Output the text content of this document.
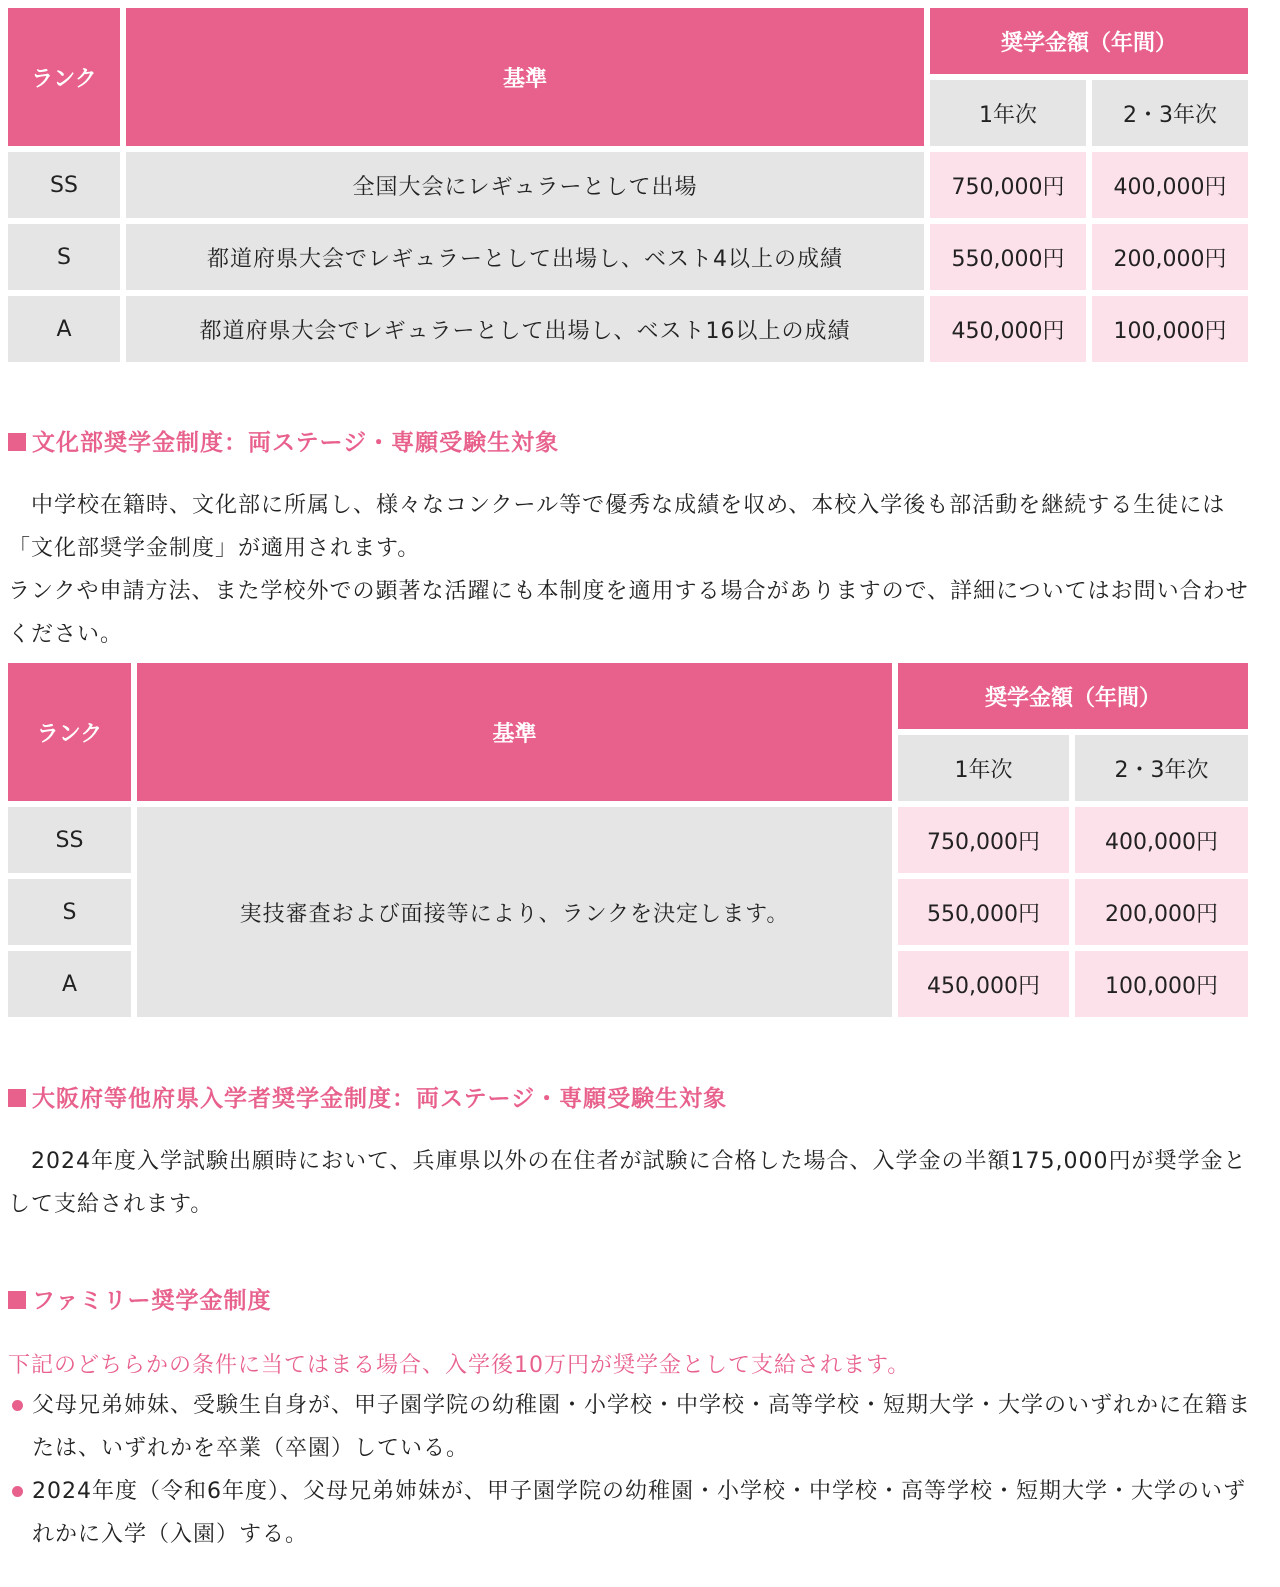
ランク	基準	奨学金額（年間）	
		1年次	2・3年次
SS	全国大会にレギュラーとして出場	750,000円	400,000円
S	都道府県大会でレギュラーとして出場し、ベスト4以上の成績	550,000円	200,000円
A	都道府県大会でレギュラーとして出場し、ベスト16以上の成績	450,000円	100,000円
文化部奨学金制度：両ステージ・専願受験生対象

　中学校在籍時、文化部に所属し、様々なコンクール等で優秀な成績を収め、本校入学後も部活動を継続する生徒には「文化部奨学金制度」が適用されます。

ランクや申請方法、また学校外での顕著な活躍にも本制度を適用する場合がありますので、詳細についてはお問い合わせください。

ランク	基準	奨学金額（年間）	
		1年次	2・3年次
SS	実技審査および面接等により、ランクを決定します。	750,000円	400,000円
S		550,000円	200,000円
A		450,000円	100,000円
大阪府等他府県入学者奨学金制度：両ステージ・専願受験生対象

　2024年度入学試験出願時において、兵庫県以外の在住者が試験に合格した場合、入学金の半額175,000円が奨学金として支給されます。

ファミリー奨学金制度
下記のどちらかの条件に当てはまる場合、入学後10万円が奨学金として支給されます。
父母兄弟姉妹、受験生自身が、甲子園学院の幼稚園・小学校・中学校・高等学校・短期大学・大学のいずれかに在籍または、いずれかを卒業（卒園）している。
2024年度（令和6年度）、父母兄弟姉妹が、甲子園学院の幼稚園・小学校・中学校・高等学校・短期大学・大学のいずれかに入学（入園）する。
